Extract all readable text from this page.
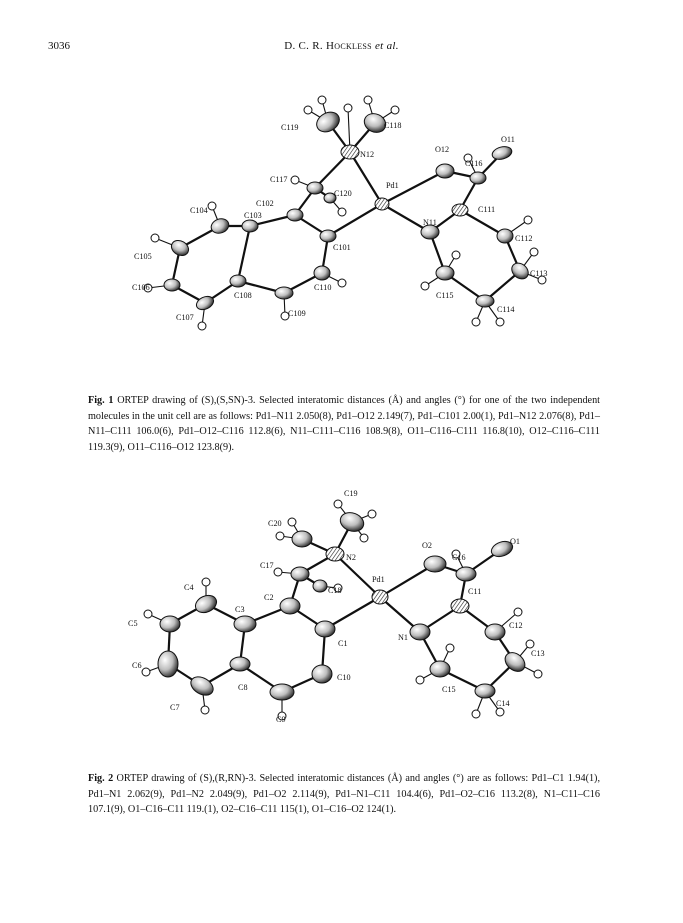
3036	D. C. R. Hockless et al.
C119	C118
N12
O12
O11
C116
C117
Pd1
C120
C104
C102
C103
N11
C111
C112
C105
C101
C113
C106	C110
C108	C115
C114
C107	C109
Fig. 1 ORTEP drawing of (S),(S,SN)-3. Selected interatomic distances (Å) and angles (°) for one of the two independent molecules in the unit cell are as follows: Pd1–N11 2.050(8), Pd1–O12 2.149(7), Pd1–C101 2.00(1), Pd1–N12 2.076(8), Pd1–N11–C111 106.0(6), Pd1–O12–C116 112.8(6), N11–C111–C116 108.9(8), O11–C116–C111 116.8(10), O12–C116–C111 119.3(9), O11–C116–O12 123.8(9).
C19
C20
N2
O2	O1
C16
C17
Pd1
C4
C2
C18	C11
C3
C5
N1
C12
C1
C13
C6
C10
C15
C8
C14
C7
C9
Fig. 2 ORTEP drawing of (S),(R,RN)-3. Selected interatomic distances (Å) and angles (°) are as follows: Pd1–C1 1.94(1), Pd1–N1 2.062(9), Pd1–N2 2.049(9), Pd1–O2 2.114(9), Pd1–N1–C11 104.4(6), Pd1–O2–C16 113.2(8), N1–C11–C16 107.1(9), O1–C16–C11 119.(1), O2–C16–C11 115(1), O1–C16–O2 124(1).
